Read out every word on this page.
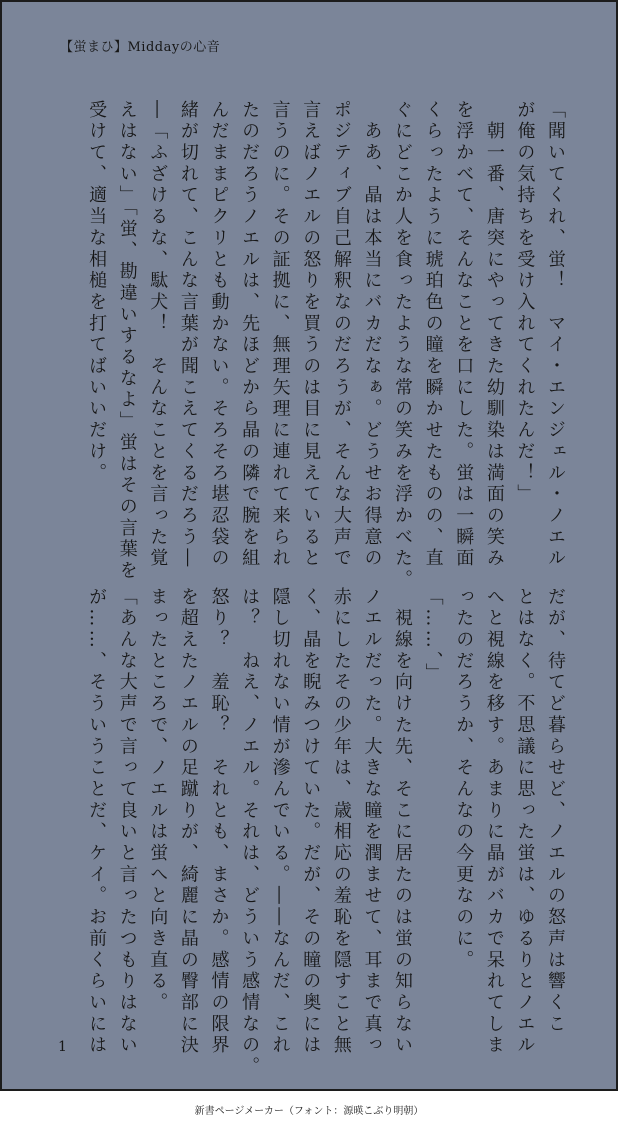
【蛍まひ】Middayの心音
「聞いてくれ、蛍！　マイ・エンジェル・ノエル
が俺の気持ちを受け入れてくれたんだ！」
　朝一番、唐突にやってきた幼馴染は満面の笑み
を浮かべて、そんなことを口にした。蛍は一瞬面
くらったように琥珀色の瞳を瞬かせたものの、直
ぐにどこか人を食ったような常の笑みを浮かべた。
　ああ、晶は本当にバカだなぁ。どうせお得意の
ポジティブ自己解釈なのだろうが、そんな大声で
言えばノエルの怒りを買うのは目に見えていると
言うのに。その証拠に、無理矢理に連れて来られ
たのだろうノエルは、先ほどから晶の隣で腕を組
んだままピクリとも動かない。そろそろ堪忍袋の
緒が切れて、こんな言葉が聞こえてくるだろう―
―「ふざけるな、駄犬！　そんなことを言った覚
えはない」「蛍、勘違いするなよ」蛍はその言葉を
受けて、適当な相槌を打てばいいだけ。
だが、待てど暮らせど、ノエルの怒声は響くこ
とはなく。不思議に思った蛍は、ゆるりとノエル
へと視線を移す。あまりに晶がバカで呆れてしま
ったのだろうか、そんなの今更なのに。
「……、」
　視線を向けた先、そこに居たのは蛍の知らない
ノエルだった。大きな瞳を潤ませて、耳まで真っ
赤にしたその少年は、歳相応の羞恥を隠すこと無
く、晶を睨みつけていた。だが、その瞳の奥には
隠し切れない情が滲んでいる。――なんだ、これ
は？　ねえ、ノエル。それは、どういう感情なの。
怒り？　羞恥？　それとも、まさか。感情の限界
を超えたノエルの足蹴りが、綺麗に晶の臀部に決
まったところで、ノエルは蛍へと向き直る。
「あんな大声で言って良いと言ったつもりはない
が……、そういうことだ、ケイ。お前くらいには
1
新書ページメーカー（フォント：源暎こぶり明朝）
